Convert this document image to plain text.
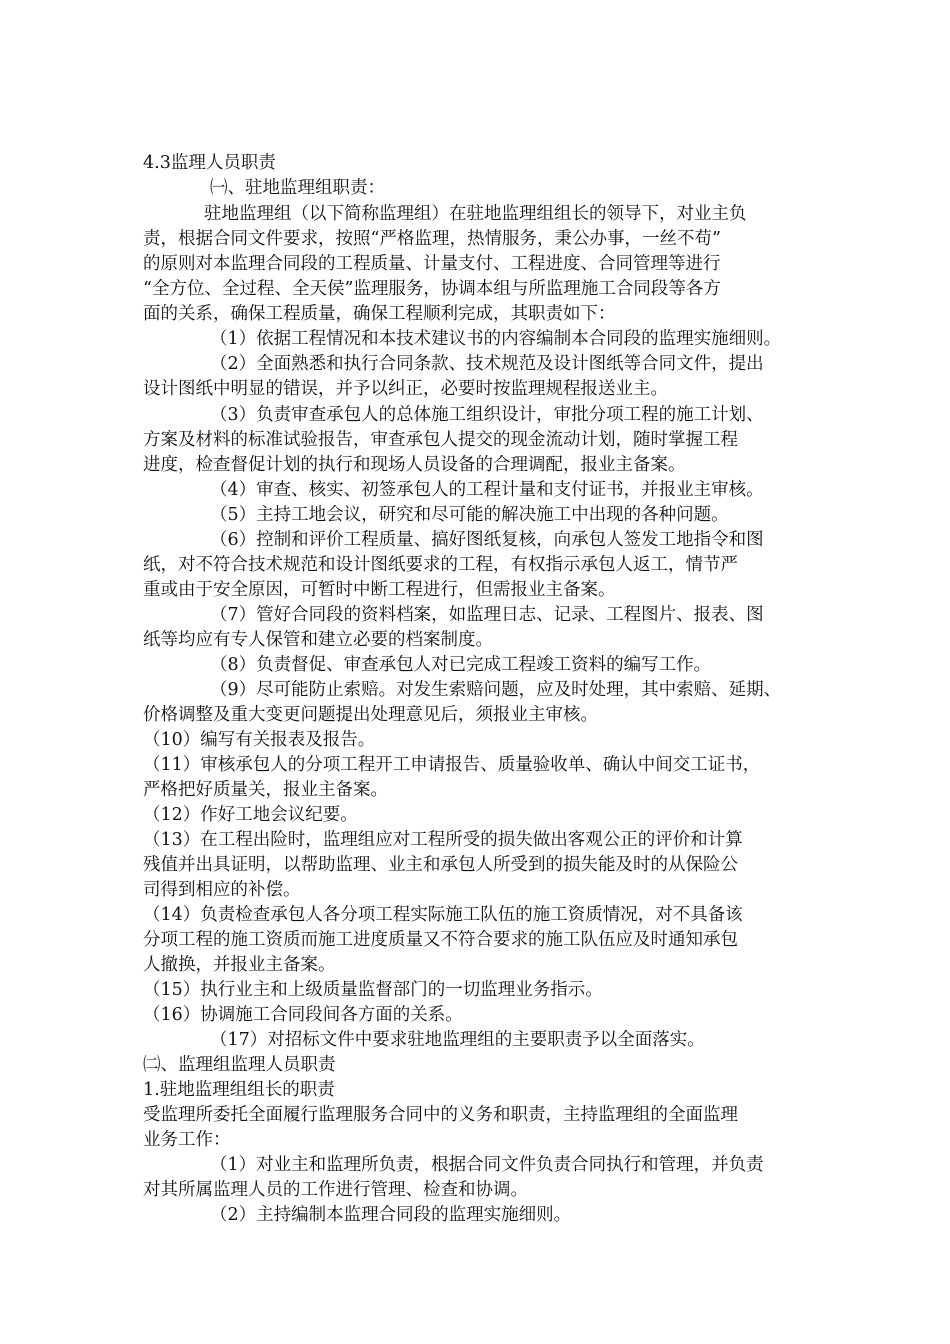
4.3监理人员职责
㈠、驻地监理组职责：
驻地监理组（以下简称监理组）在驻地监理组组长的领导下，对业主负
责，根据合同文件要求，按照“严格监理，热情服务，秉公办事，一丝不苟”
的原则对本监理合同段的工程质量、计量支付、工程进度、合同管理等进行
“全方位、全过程、全天侯”监理服务，协调本组与所监理施工合同段等各方
面的关系，确保工程质量，确保工程顺利完成，其职责如下：
（1）依据工程情况和本技术建议书的内容编制本合同段的监理实施细则。
（2）全面熟悉和执行合同条款、技术规范及设计图纸等合同文件，提出
设计图纸中明显的错误，并予以纠正，必要时按监理规程报送业主。
（3）负责审查承包人的总体施工组织设计，审批分项工程的施工计划、
方案及材料的标准试验报告，审查承包人提交的现金流动计划，随时掌握工程
进度，检查督促计划的执行和现场人员设备的合理调配，报业主备案。
（4）审查、核实、初签承包人的工程计量和支付证书，并报业主审核。
（5）主持工地会议，研究和尽可能的解决施工中出现的各种问题。
（6）控制和评价工程质量、搞好图纸复核，向承包人签发工地指令和图
纸，对不符合技术规范和设计图纸要求的工程，有权指示承包人返工，情节严
重或由于安全原因，可暂时中断工程进行，但需报业主备案。
（7）管好合同段的资料档案，如监理日志、记录、工程图片、报表、图
纸等均应有专人保管和建立必要的档案制度。
（8）负责督促、审查承包人对已完成工程竣工资料的编写工作。
（9）尽可能防止索赔。对发生索赔问题，应及时处理，其中索赔、延期、
价格调整及重大变更问题提出处理意见后，须报业主审核。
（10）编写有关报表及报告。
（11）审核承包人的分项工程开工申请报告、质量验收单、确认中间交工证书，
严格把好质量关，报业主备案。
（12）作好工地会议纪要。
（13）在工程出险时，监理组应对工程所受的损失做出客观公正的评价和计算
残值并出具证明，以帮助监理、业主和承包人所受到的损失能及时的从保险公
司得到相应的补偿。
（14）负责检查承包人各分项工程实际施工队伍的施工资质情况，对不具备该
分项工程的施工资质而施工进度质量又不符合要求的施工队伍应及时通知承包
人撤换，并报业主备案。
（15）执行业主和上级质量监督部门的一切监理业务指示。
（16）协调施工合同段间各方面的关系。
（17）对招标文件中要求驻地监理组的主要职责予以全面落实。
㈡、监理组监理人员职责
1.驻地监理组组长的职责
受监理所委托全面履行监理服务合同中的义务和职责，主持监理组的全面监理
业务工作：
（1）对业主和监理所负责，根据合同文件负责合同执行和管理，并负责
对其所属监理人员的工作进行管理、检查和协调。
（2）主持编制本监理合同段的监理实施细则。
